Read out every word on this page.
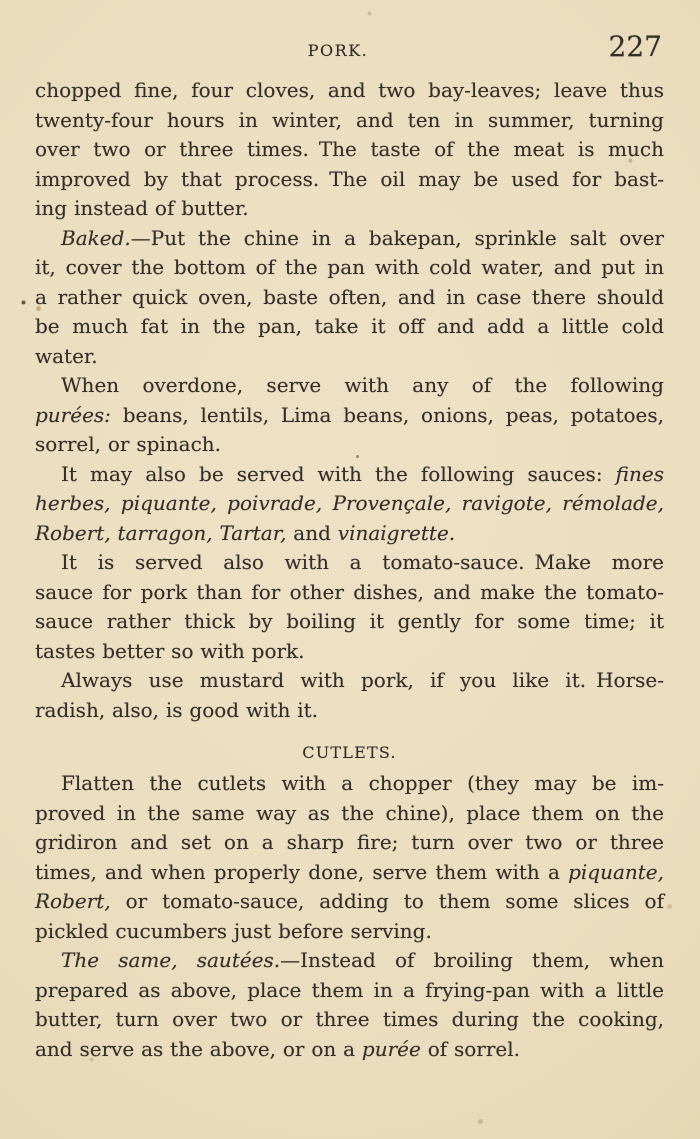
PORK.	227
chopped fine, four cloves, and two bay-leaves; leave thus
twenty-four hours in winter, and ten in summer, turning
over two or three times. The taste of the meat is much
improved by that process. The oil may be used for bast-
ing instead of butter.
Baked.—Put the chine in a bakepan, sprinkle salt over
it, cover the bottom of the pan with cold water, and put in
a rather quick oven, baste often, and in case there should
be much fat in the pan, take it off and add a little cold
water.
When overdone, serve with any of the following
purées: beans, lentils, Lima beans, onions, peas, potatoes,
sorrel, or spinach.
It may also be served with the following sauces: fines
herbes, piquante, poivrade, Provençale, ravigote, rémolade,
Robert, tarragon, Tartar, and vinaigrette.
It is served also with a tomato-sauce. Make more
sauce for pork than for other dishes, and make the tomato-
sauce rather thick by boiling it gently for some time; it
tastes better so with pork.
Always use mustard with pork, if you like it. Horse-
radish, also, is good with it.
CUTLETS.
Flatten the cutlets with a chopper (they may be im-
proved in the same way as the chine), place them on the
gridiron and set on a sharp fire; turn over two or three
times, and when properly done, serve them with a piquante,
Robert, or tomato-sauce, adding to them some slices of
pickled cucumbers just before serving.
The same, sautées.—Instead of broiling them, when
prepared as above, place them in a frying-pan with a little
butter, turn over two or three times during the cooking,
and serve as the above, or on a purée of sorrel.
